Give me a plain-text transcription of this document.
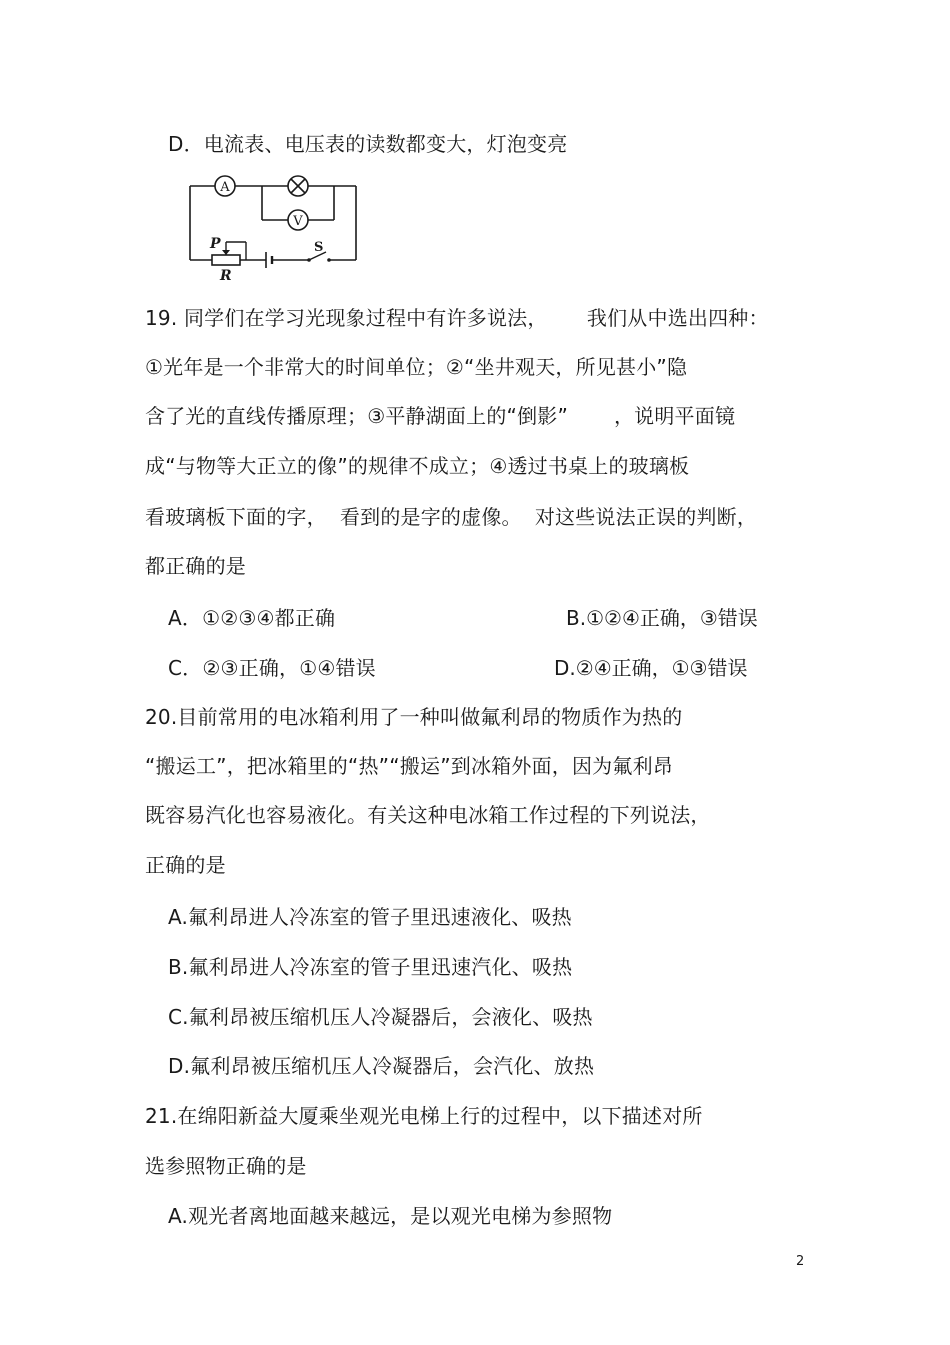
D．电流表、电压表的读数都变大，灯泡变亮
A
V
P
R
S
19. 同学们在学习光现象过程中有许多说法，      我们从中选出四种：
①光年是一个非常大的时间单位；②“坐井观天，所见甚小”隐
含了光的直线传播原理；③平静湖面上的“倒影”       ，说明平面镜
成“与物等大正立的像”的规律不成立；④透过书桌上的玻璃板
看玻璃板下面的字，  看到的是字的虚像。  对这些说法正误的判断，
都正确的是
A．①②③④都正确	B.①②④正确，③错误
C．②③正确，①④错误	D.②④正确，①③错误
20.目前常用的电冰箱利用了一种叫做氟利昂的物质作为热的
“搬运工”，把冰箱里的“热”“搬运”到冰箱外面，因为氟利昂
既容易汽化也容易液化。有关这种电冰箱工作过程的下列说法，
正确的是
A.氟利昂进人冷冻室的管子里迅速液化、吸热
B.氟利昂进人冷冻室的管子里迅速汽化、吸热
C.氟利昂被压缩机压人冷凝器后，会液化、吸热
D.氟利昂被压缩机压人冷凝器后，会汽化、放热
21.在绵阳新益大厦乘坐观光电梯上行的过程中，以下描述对所
选参照物正确的是
A.观光者离地面越来越远，是以观光电梯为参照物
2
